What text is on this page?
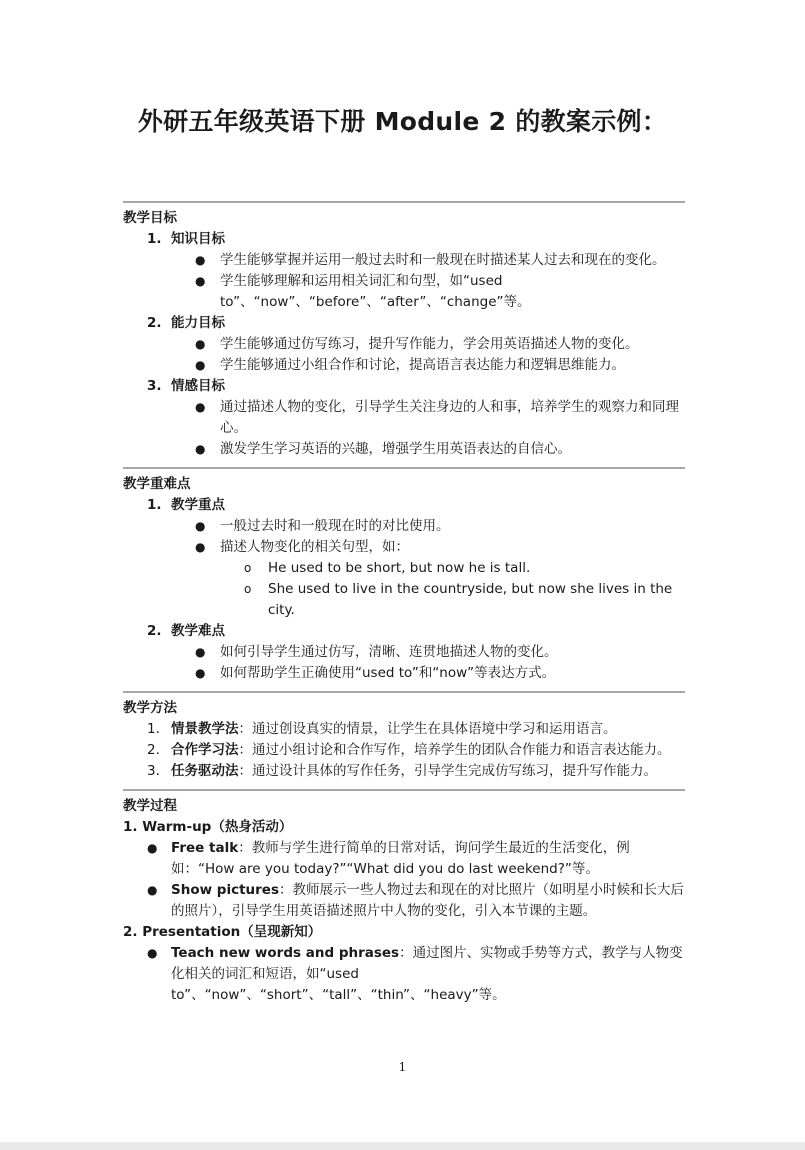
外研五年级英语下册 Module 2 的教案示例：
教学目标
1. 知识目标
● 学生能够掌握并运用一般过去时和一般现在时描述某人过去和现在的变化。
● 学生能够理解和运用相关词汇和句型，如“used to”、“now”、“before”、“after”、“change”等。
2. 能力目标
● 学生能够通过仿写练习，提升写作能力，学会用英语描述人物的变化。
● 学生能够通过小组合作和讨论，提高语言表达能力和逻辑思维能力。
3. 情感目标
● 通过描述人物的变化，引导学生关注身边的人和事，培养学生的观察力和同理心。
● 激发学生学习英语的兴趣，增强学生用英语表达的自信心。
教学重难点
1. 教学重点
● 一般过去时和一般现在时的对比使用。
● 描述人物变化的相关句型，如：
o He used to be short, but now he is tall.
o She used to live in the countryside, but now she lives in the city.
2. 教学难点
● 如何引导学生通过仿写，清晰、连贯地描述人物的变化。
● 如何帮助学生正确使用“used to”和“now”等表达方式。
教学方法
1. 情景教学法：通过创设真实的情景，让学生在具体语境中学习和运用语言。
2. 合作学习法：通过小组讨论和合作写作，培养学生的团队合作能力和语言表达能力。
3. 任务驱动法：通过设计具体的写作任务，引导学生完成仿写练习，提升写作能力。
教学过程
1. Warm-up（热身活动）
● Free talk：教师与学生进行简单的日常对话，询问学生最近的生活变化，例如：“How are you today?”“What did you do last weekend?”等。
● Show pictures：教师展示一些人物过去和现在的对比照片（如明星小时候和长大后的照片），引导学生用英语描述照片中人物的变化，引入本节课的主题。
2. Presentation（呈现新知）
● Teach new words and phrases：通过图片、实物或手势等方式，教学与人物变化相关的词汇和短语，如“used to”、“now”、“short”、“tall”、“thin”、“heavy”等。
1
